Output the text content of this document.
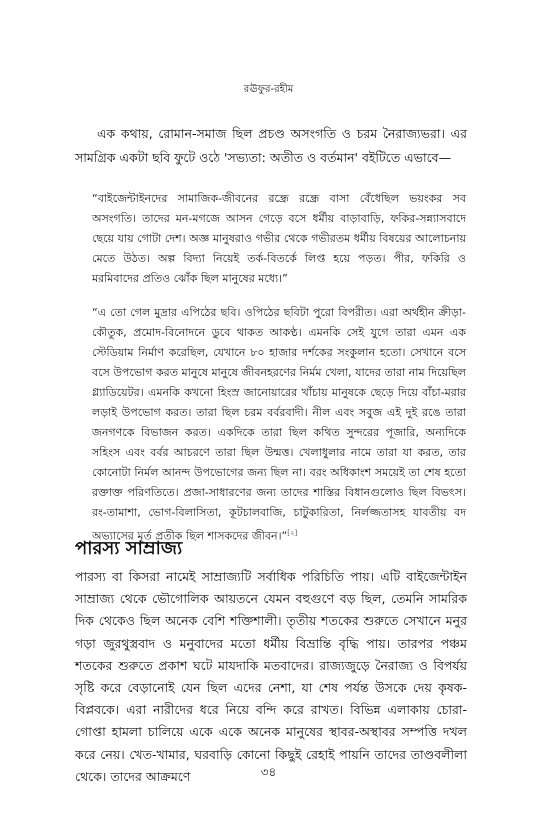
রঊফুর-রহীম

এক কথায়, রোমান-সমাজ ছিল প্রচণ্ড অসংগতি ও চরম নৈরাজ্যভরা। এর সামগ্রিক একটা ছবি ফুটে ওঠে 'সভ্যতা: অতীত ও বর্তমান' বইটিতে এভাবে—

“বাইজেন্টাইনদের সামাজিক-জীবনের রন্ধ্রে রন্ধ্রে বাসা বেঁধেছিল ভয়ংকর সব অসংগতি। তাদের মন-মগজে আসন গেড়ে বসে ধর্মীয় বাড়াবাড়ি, ফকির-সন্ন্যাসবাদে ছেয়ে যায় গোটা দেশ। অজ্ঞ মানুষরাও গভীর থেকে গভীরতম ধর্মীয় বিষয়ের আলোচনায় মেতে উঠত। অল্প বিদ্যা নিয়েই তর্ক-বিতর্কে লিপ্ত হয়ে পড়ত। পীর, ফকিরি ও মরমিবাদের প্রতিও ঝোঁক ছিল মানুষের মধ্যে।”

“এ তো গেল মুদ্রার এপিঠের ছবি। ওপিঠের ছবিটা পুরো বিপরীত। এরা অর্থহীন ক্রীড়া-কৌতুক, প্রমোদ-বিনোদনে ডুবে থাকত আকণ্ঠ। এমনকি সেই যুগে তারা এমন এক স্টেডিয়াম নির্মাণ করেছিল, যেখানে ৮০ হাজার দর্শকের সংকুলান হতো। সেখানে বসে বসে উপভোগ করত মানুষে মানুষে জীবনহরণের নির্মম খেলা, যাদের তারা নাম দিয়েছিল গ্ল্যাডিয়েটর। এমনকি কখনো হিংস্র জানোয়ারের খাঁচায় মানুষকে ছেড়ে দিয়ে বাঁচা-মরার লড়াই উপভোগ করত। তারা ছিল চরম বর্বরবাদী। নীল এবং সবুজ এই দুই রঙে তারা জনগণকে বিভাজন করত। একদিকে তারা ছিল কথিত সুন্দরের পূজারি, অন্যদিকে সহিংস এবং বর্বর আচরণে তারা ছিল উন্মত্ত। খেলাধুলার নামে তারা যা করত, তার কোনোটা নির্মল আনন্দ উপভোগের জন্য ছিল না। বরং অধিকাংশ সময়েই তা শেষ হতো রক্তাক্ত পরিণতিতে। প্রজা-সাধারণের জন্য তাদের শাস্তির বিধানগুলোও ছিল বিভৎস। রং-তামাশা, ভোগ-বিলাসিতা, কূটচালবাজি, চাটুকারিতা, নির্লজ্জতাসহ যাবতীয় বদ অভ্যাসের মূর্ত প্রতীক ছিল শাসকদের জীবন।”[২]

পারস্য সাম্রাজ্য

পারস্য বা কিসরা নামেই সাম্রাজ্যটি সর্বাধিক পরিচিতি পায়। এটি বাইজেন্টাইন সাম্রাজ্য থেকে ভৌগোলিক আয়তনে যেমন বহুগুণে বড় ছিল, তেমনি সামরিক দিক থেকেও ছিল অনেক বেশি শক্তিশালী। তৃতীয় শতকের শুরুতে সেখানে মনুর গড়া জুরথুস্ত্রবাদ ও মনুবাদের মতো ধর্মীয় বিভ্রান্তি বৃদ্ধি পায়। তারপর পঞ্চম শতকের শুরুতে প্রকাশ ঘটে মাযদাকি মতবাদের। রাজ্যজুড়ে নৈরাজ্য ও বিপর্যয় সৃষ্টি করে বেড়ানোই যেন ছিল এদের নেশা, যা শেষ পর্যন্ত উসকে দেয় কৃষক-বিপ্লবকে। এরা নারীদের ধরে নিয়ে বন্দি করে রাখত। বিভিন্ন এলাকায় চোরা-গোপ্তা হামলা চালিয়ে একে একে অনেক মানুষের স্থাবর-অস্থাবর সম্পত্তি দখল করে নেয়। খেত-খামার, ঘরবাড়ি কোনো কিছুই রেহাই পায়নি তাদের তাণ্ডবলীলা থেকে। তাদের আক্রমণে	৩৪
